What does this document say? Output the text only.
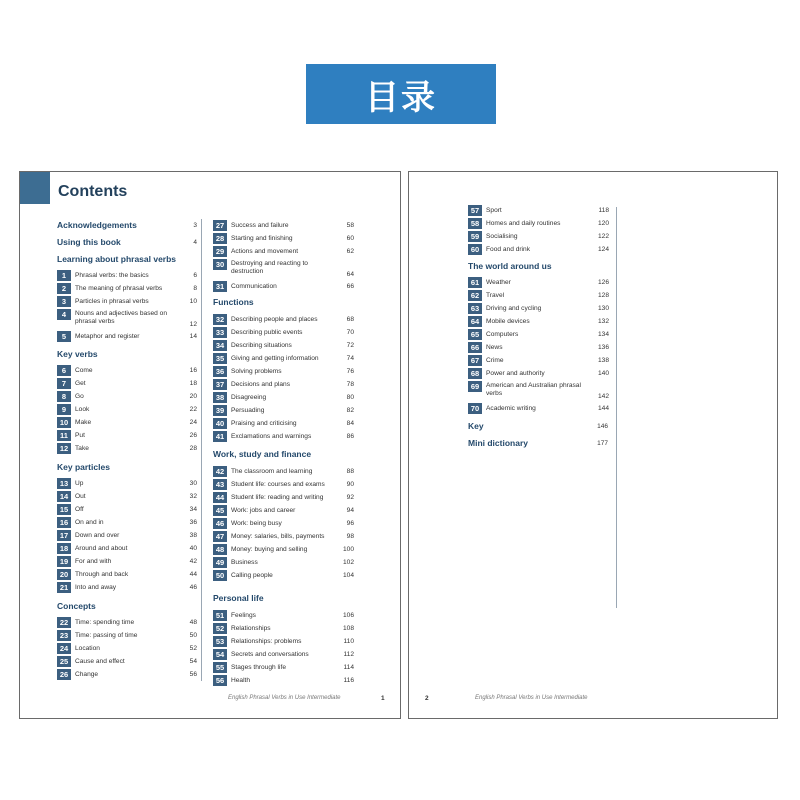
目录
Contents
Acknowledgements	3
Using this book	4
Learning about phrasal verbs
1	Phrasal verbs: the basics	6
2	The meaning of phrasal verbs	8
3	Particles in phrasal verbs	10
4	Nouns and adjectives based on phrasal verbs	12
5	Metaphor and register	14
Key verbs
6	Come	16
7	Get	18
8	Go	20
9	Look	22
10	Make	24
11	Put	26
12	Take	28
Key particles
13	Up	30
14	Out	32
15	Off	34
16	On and in	36
17	Down and over	38
18	Around and about	40
19	For and with	42
20	Through and back	44
21	Into and away	46
Concepts
22	Time: spending time	48
23	Time: passing of time	50
24	Location	52
25	Cause and effect	54
26	Change	56
27	Success and failure	58
28	Starting and finishing	60
29	Actions and movement	62
30	Destroying and reacting to destruction	64
31	Communication	66
Functions
32	Describing people and places	68
33	Describing public events	70
34	Describing situations	72
35	Giving and getting information	74
36	Solving problems	76
37	Decisions and plans	78
38	Disagreeing	80
39	Persuading	82
40	Praising and criticising	84
41	Exclamations and warnings	86
Work, study and finance
42	The classroom and learning	88
43	Student life: courses and exams	90
44	Student life: reading and writing	92
45	Work: jobs and career	94
46	Work: being busy	96
47	Money: salaries, bills, payments	98
48	Money: buying and selling	100
49	Business	102
50	Calling people	104
Personal life
51	Feelings	106
52	Relationships	108
53	Relationships: problems	110
54	Secrets and conversations	112
55	Stages through life	114
56	Health	116
English Phrasal Verbs in Use Intermediate	1
57	Sport	118
58	Homes and daily routines	120
59	Socialising	122
60	Food and drink	124
The world around us
61	Weather	126
62	Travel	128
63	Driving and cycling	130
64	Mobile devices	132
65	Computers	134
66	News	136
67	Crime	138
68	Power and authority	140
69	American and Australian phrasal verbs	142
70	Academic writing	144
Key	146
Mini dictionary	177
2	English Phrasal Verbs in Use Intermediate
